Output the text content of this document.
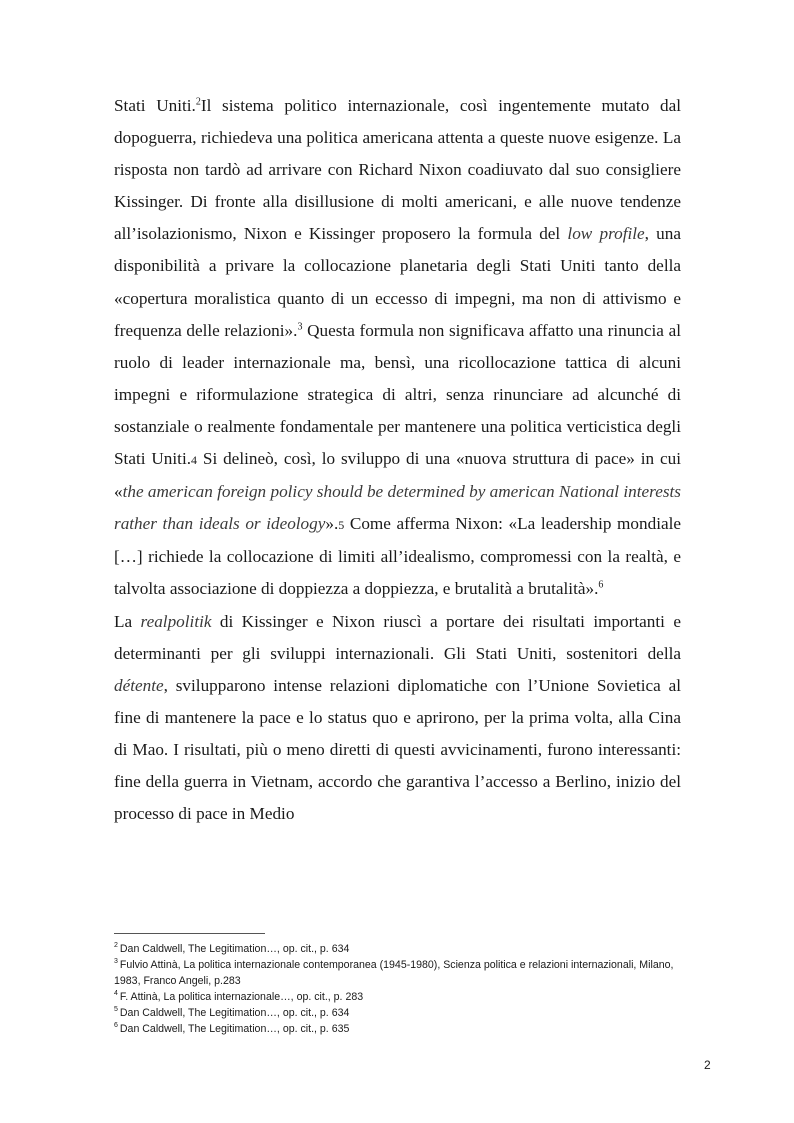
Stati Uniti.$^2$Il sistema politico internazionale, così ingentemente mutato dal dopoguerra, richiedeva una politica americana attenta a queste nuove esigenze. La risposta non tardò ad arrivare con Richard Nixon coadiuvato dal suo consigliere Kissinger. Di fronte alla disillusione di molti americani, e alle nuove tendenze all’isolazionismo, Nixon e Kissinger proposero la formula del low profile, una disponibilità a privare la collocazione planetaria degli Stati Uniti tanto della «copertura moralistica quanto di un eccesso di impegni, ma non di attivismo e frequenza delle relazioni».$^3$ Questa formula non significava affatto una rinuncia al ruolo di leader internazionale ma, bensì, una ricollocazione tattica di alcuni impegni e riformulazione strategica di altri, senza rinunciare ad alcunché di sostanziale o realmente fondamentale per mantenere una politica verticistica degli Stati Uniti.4 Si delineò, così, lo sviluppo di una «nuova struttura di pace» in cui «the american foreign policy should be determined by american National interests rather than ideals or ideology».5 Come afferma Nixon: «La leadership mondiale […] richiede la collocazione di limiti all’idealismo, compromessi con la realtà, e talvolta associazione di doppiezza a doppiezza, e brutalità a brutalità».$^6$

La realpolitik di Kissinger e Nixon riuscì a portare dei risultati importanti e determinanti per gli sviluppi internazionali. Gli Stati Uniti, sostenitori della détente, svilupparono intense relazioni diplomatiche con l’Unione Sovietica al fine di mantenere la pace e lo status quo e aprirono, per la prima volta, alla Cina di Mao. I risultati, più o meno diretti di questi avvicinamenti, furono interessanti: fine della guerra in Vietnam, accordo che garantiva l’accesso a Berlino, inizio del processo di pace in Medio

$^2$ Dan Caldwell, The Legitimation…, op. cit., p. 634

$^3$ Fulvio Attinà, La politica internazionale contemporanea (1945-1980), Scienza politica e relazioni internazionali, Milano, 1983, Franco Angeli, p.283

$^4$ F. Attinà, La politica internazionale…, op. cit., p. 283

$^5$ Dan Caldwell, The Legitimation…, op. cit., p. 634

$^6$ Dan Caldwell, The Legitimation…, op. cit., p. 635

2
